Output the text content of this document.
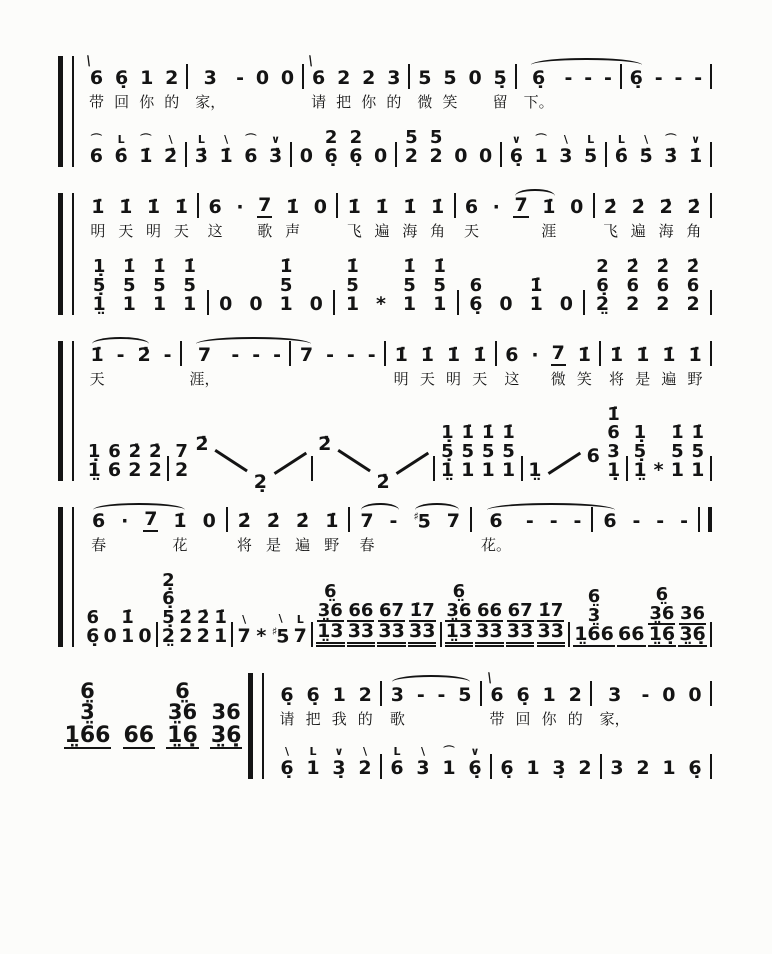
\
6
带
6̣
回
1
你
2
的
3
家，
- 0 0
\
6
请
2
把
2
你
3
的
5
微
5
笑
0 5̣
留
6̣
下。
- - - 6̣ - - -
⌒
6
L
6̇
⌒
1̇
\
2̇
L
3̇
\
1̇
⌒
6
∨
3̇ 0
2
6̣
2
6̣ 0
5
2
5
2 0 0
∨
6̣
⌒
1
\
3
L
5
L
6̇
\
5̇
⌒
3̇
∨
1̇
1̇
明
1̇
天
1̇
明
1̇
天
6
这
· 7
歌
1̇
声
0 1̇
飞
1̇
遍
1̇
海
1̇
角
6
天
· 7 1̇
涯
0 2̇
飞
2̇
遍
2̇
海
2̇
角
1̣
5̣
1̤
1̇
5
1
1̇
5
1
1̇
5
1 0 0
1̇
5
1 0
1̇
5
1 *
1̇
5
1
1̇
5
1
6
6̣ 0
1̇
1 0
2
6̣
2̤
2̇
6
2
2̇
6
2
2̇
6
2
1̇
天
- 2̇ - 7
涯，
- - - 7 - - - 1̇
明
1̇
天
1̇
明
1̇
天
6
这
· 7
微
1̇
笑
1̇
将
1̇
是
1̇
遍
1̇
野
1̣
1̤
6
6
2̇
2
2̇
2
7
2
2̇
2̣
2̇
2̇
1̣
5̣
1̤
1̇
5
1
1̇
5
1
1̇
5
1 1̤
6
1̇
6
3
1̣
1̣
5̣
1̤ *
1̇
5
1
1̇
5
1
6
春
· 7 1̇
花
0 2̇
将
2̇
是
2̇
遍
1̇
野
7
春
- ♯5 7 6
花。
- - - 6 - - -
6
6̣ 0
1̇
1 0
2̣
6̣
5̣
2̤
2̇
2
2̇
2
1̇
1
\
7 *
\
♯5
L
7
6̤
3̤6
1̤3
66
33
67
33
1̇7
33
6̤
3̤6
1̤3
66
33
67
33
1̇7
33
6̤
3̤
1̤66 66
6̤
3̤6
1̤6̣
36
3̤6̣
6̤
3̤
1̤66 66
6̤
3̤6
1̤6̣
36
3̤6̣
6̣
请
6̣
把
1
我
2
的
3
歌
- - 5
\
6
带
6̣
回
1
你
2
的
3
家，
- 0 0
\
6̣
L
1
∨
3̣
\
2
L
6
\
3
⌒
1
∨
6̣ 6̣ 1 3̣ 2 3 2 1 6̣
